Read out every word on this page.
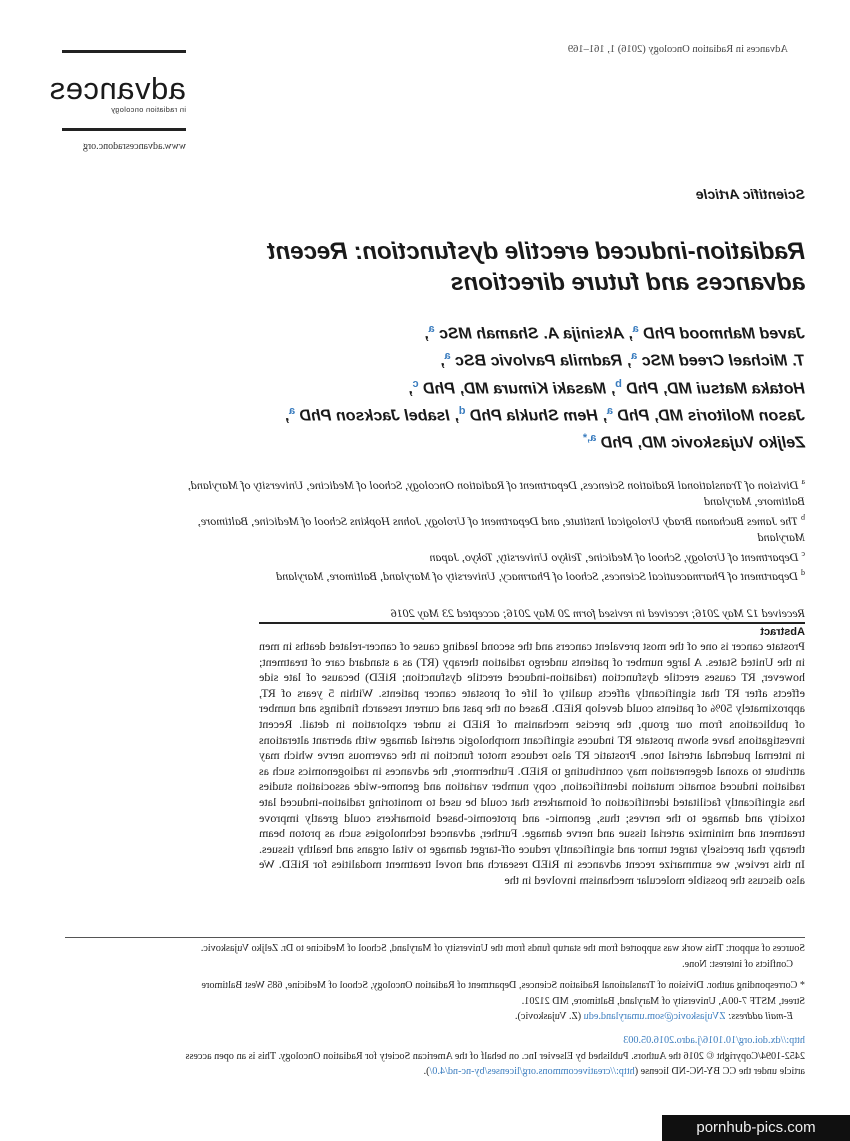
Advances in Radiation Oncology (2016) 1, 161–169
advances
in radiation oncology
www.advancesradonc.org
Scientific Article
Radiation-induced erectile dysfunction: Recent
advances and future directions
Javed Mahmood PhD $^a$, Aksinija A. Shamah MSc $^a$,
T. Michael Creed MSc $^a$, Radmila Pavlovic BSc $^a$,
Hotaka Matsui MD, PhD $^b$, Masaki Kimura MD, PhD $^c$,
Jason Molitoris MD, PhD $^a$, Hem Shukla PhD $^d$, Isabel Jackson PhD $^a$,
Zeljko Vujaskovic MD, PhD $^{a,*}$
$^a$ Division of Translational Radiation Sciences, Department of Radiation Oncology, School of Medicine, University of Maryland, Baltimore, Maryland
$^b$ The James Buchanan Brady Urological Institute, and Department of Urology, Johns Hopkins School of Medicine, Baltimore, Maryland
$^c$ Department of Urology, School of Medicine, Teikyo University, Tokyo, Japan
$^d$ Department of Pharmaceutical Sciences, School of Pharmacy, University of Maryland, Baltimore, Maryland
Received 12 May 2016; received in revised form 20 May 2016; accepted 23 May 2016
Abstract

Prostate cancer is one of the most prevalent cancers and the second leading cause of cancer-related deaths in men in the United States. A large number of patients undergo radiation therapy (RT) as a standard care of treatment; however, RT causes erectile dysfunction (radiation-induced erectile dysfunction; RiED) because of late side effects after RT that significantly affects quality of life of prostate cancer patients. Within 5 years of RT, approximately 50% of patients could develop RiED. Based on the past and current research findings and number of publications from our group, the precise mechanism of RiED is under exploration in detail. Recent investigations have shown prostate RT induces significant morphologic arterial damage with aberrant alterations in internal pudendal arterial tone. Prostatic RT also reduces motor function in the cavernous nerve which may attribute to axonal degeneration may contributing to RiED. Furthermore, the advances in radiogenomics such as radiation induced somatic mutation identification, copy number variation and genome-wide association studies has significantly facilitated identification of biomarkers that could be used to monitoring radiation-induced late toxicity and damage to the nerves; thus, genomic- and proteomic-based biomarkers could greatly improve treatment and minimize arterial tissue and nerve damage. Further, advanced technologies such as proton beam therapy that precisely target tumor and significantly reduce off-target damage to vital organs and healthy tissues. In this review, we summarize recent advances in RiED research and novel treatment modalities for RiED. We also discuss the possible molecular mechanism involved in the

Sources of support: This work was supported from the startup funds from the University of Maryland, School of Medicine to Dr. Zeljko Vujaskovic.
Conflicts of interest: None.

* Corresponding author. Division of Translational Radiation Sciences, Department of Radiation Oncology, School of Medicine, 685 West Baltimore
Street, MSTF 7-00A, University of Maryland, Baltimore, MD 21201.
E-mail address: ZVujaskovic@som.umaryland.edu (Z. Vujaskovic).

http://dx.doi.org/10.1016/j.adro.2016.05.003
2452-1094/Copyright © 2016 the Authors. Published by Elsevier Inc. on behalf of the American Society for Radiation Oncology. This is an open access
article under the CC BY-NC-ND license (http://creativecommons.org/licenses/by-nc-nd/4.0/).

pornhub-pics.com
